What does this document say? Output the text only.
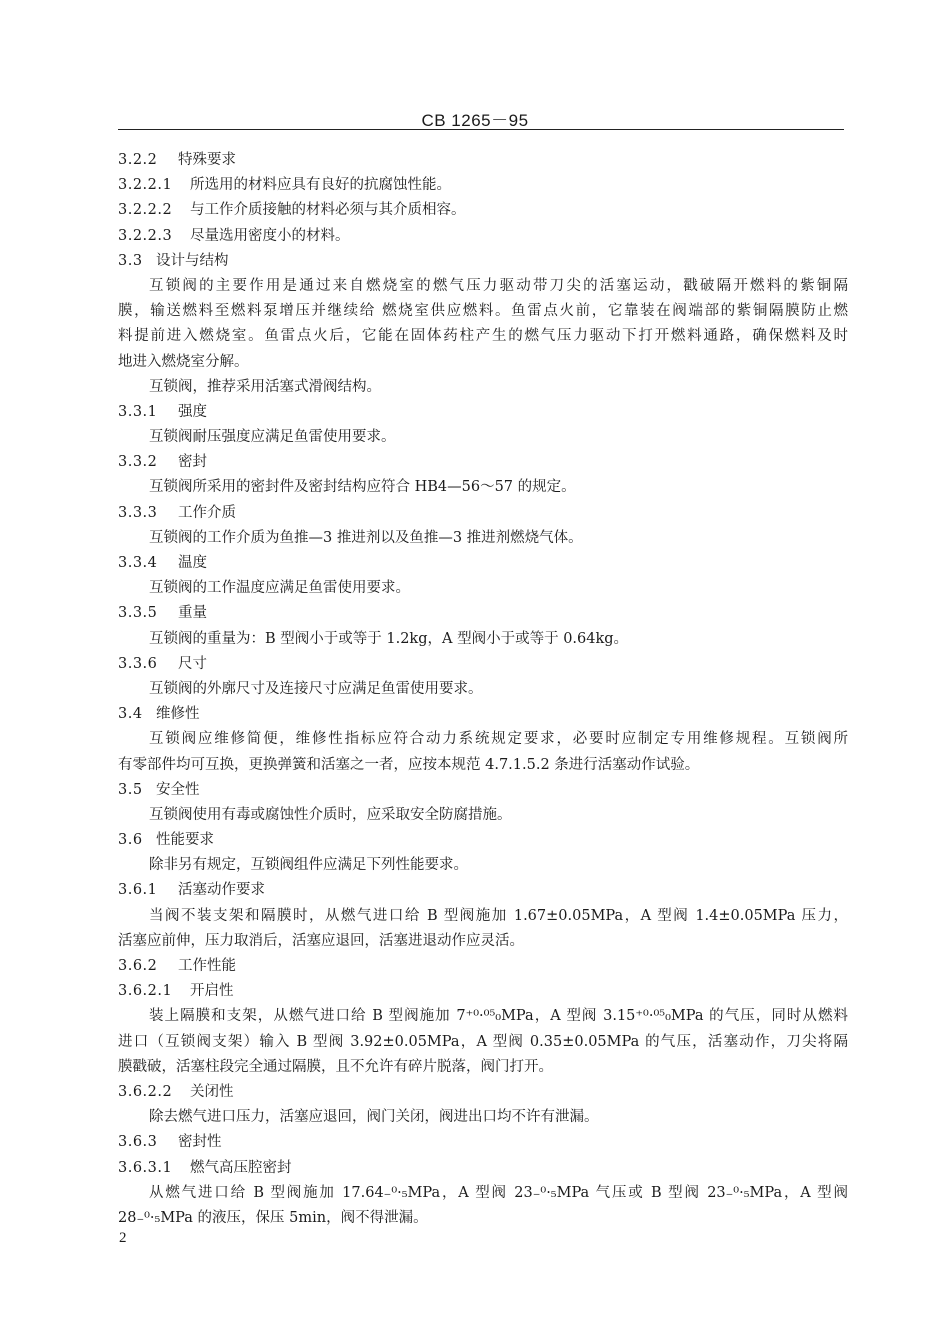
CB 1265－95
3.2.2 特殊要求
3.2.2.1 所选用的材料应具有良好的抗腐蚀性能。
3.2.2.2 与工作介质接触的材料必须与其介质相容。
3.2.2.3 尽量选用密度小的材料。
3.3 设计与结构
互锁阀的主要作用是通过来自燃烧室的燃气压力驱动带刀尖的活塞运动，戳破隔开燃料的紫铜隔
膜，输送燃料至燃料泵增压并继续给 燃烧室供应燃料。鱼雷点火前，它靠装在阀端部的紫铜隔膜防止燃
料提前进入燃烧室。鱼雷点火后，它能在固体药柱产生的燃气压力驱动下打开燃料通路，确保燃料及时
地进入燃烧室分解。
互锁阀，推荐采用活塞式滑阀结构。
3.3.1 强度
互锁阀耐压强度应满足鱼雷使用要求。
3.3.2 密封
互锁阀所采用的密封件及密封结构应符合 HB4—56～57 的规定。
3.3.3 工作介质
互锁阀的工作介质为鱼推—3 推进剂以及鱼推—3 推进剂燃烧气体。
3.3.4 温度
互锁阀的工作温度应满足鱼雷使用要求。
3.3.5 重量
互锁阀的重量为：B 型阀小于或等于 1.2kg，A 型阀小于或等于 0.64kg。
3.3.6 尺寸
互锁阀的外廓尺寸及连接尺寸应满足鱼雷使用要求。
3.4 维修性
互锁阀应维修简便，维修性指标应符合动力系统规定要求，必要时应制定专用维修规程。互锁阀所
有零部件均可互换，更换弹簧和活塞之一者，应按本规范 4.7.1.5.2 条进行活塞动作试验。
3.5 安全性
互锁阀使用有毒或腐蚀性介质时，应采取安全防腐措施。
3.6 性能要求
除非另有规定，互锁阀组件应满足下列性能要求。
3.6.1 活塞动作要求
当阀不装支架和隔膜时，从燃气进口给 B 型阀施加 1.67±0.05MPa，A 型阀 1.4±0.05MPa 压力，
活塞应前伸，压力取消后，活塞应退回，活塞进退动作应灵活。
3.6.2 工作性能
3.6.2.1 开启性
装上隔膜和支架，从燃气进口给 B 型阀施加 7⁺⁰·⁰⁵₀MPa，A 型阀 3.15⁺⁰·⁰⁵₀MPa 的气压，同时从燃料
进口（互锁阀支架）输入 B 型阀 3.92±0.05MPa，A 型阀 0.35±0.05MPa 的气压，活塞动作，刀尖将隔
膜戳破，活塞柱段完全通过隔膜，且不允许有碎片脱落，阀门打开。
3.6.2.2 关闭性
除去燃气进口压力，活塞应退回，阀门关闭，阀进出口均不许有泄漏。
3.6.3 密封性
3.6.3.1 燃气高压腔密封
从燃气进口给 B 型阀施加 17.64₋⁰·₅MPa，A 型阀 23₋⁰·₅MPa 气压或 B 型阀 23₋⁰·₅MPa，A 型阀
28₋⁰·₅MPa 的液压，保压 5min，阀不得泄漏。
2
